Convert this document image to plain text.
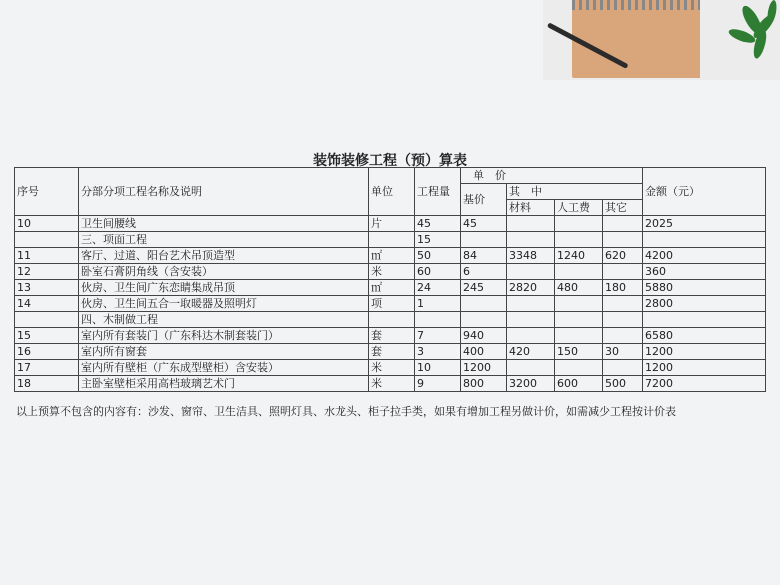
装饰装修工程（预）算表
序号	分部分项工程名称及说明	单位	工程量	单　价				金额（元）
				基价	其　中			
					材料	人工费	其它	
10	卫生间腰线	片	45	45				2025
	三、项面工程		15					
11	客厅、过道、阳台艺术吊顶造型	㎡	50	84	3348	1240	620	4200
12	卧室石膏阴角线（含安装）	米	60	6				360
13	伙房、卫生间广东恋睛集成吊顶	㎡	24	245	2820	480	180	5880
14	伙房、卫生间五合一取暖器及照明灯	项	1					2800
	四、木制做工程							
15	室内所有套装门（广东科达木制套装门）	套	7	940				6580
16	室内所有窗套	套	3	400	420	150	30	1200
17	室内所有壁柜（广东成型壁柜）含安装）	米	10	1200				1200
18	主卧室壁柜采用高档玻璃艺术门	米	9	800	3200	600	500	7200
以上预算不包含的内容有：沙发、窗帘、卫生洁具、照明灯具、水龙头、柜子拉手类，如果有增加工程另做计价，如需减少工程按计价表
